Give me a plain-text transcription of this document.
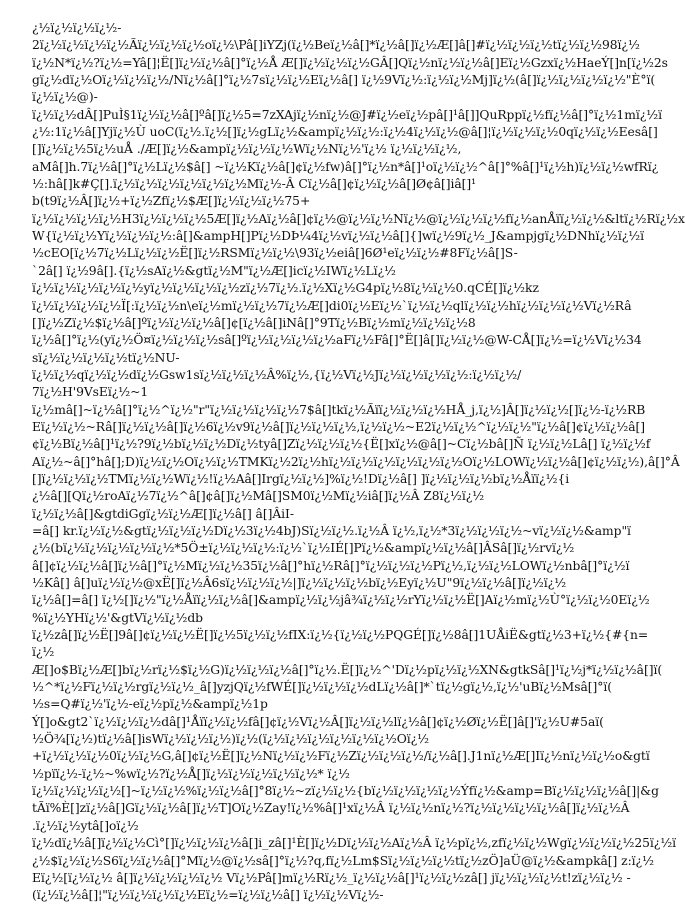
¿½ï¿½ï¿½ï¿½-
2ï¿½ï¿½ï¿½ï¿½Ãï¿½ï¿½ï¿½oï¿½\Pâ[]iYZj(ï¿½Beï¿½â[]*ï¿½â[]ï¿½Æ[]â[]#ï¿½ï¿½ï¿½tï¿½ï¿½98ï¿½
ï¿½N*ï¿½?ï¿½=Yâ[]¦Ë[]ï¿½ï¿½â[]°ï¿½Å Æ[]ï¿½ï¿½ï¿½GÂ[]Qï¿½nï¿½ï¿½â[]Eï¿½Gzxï¿½HaeÝ[]n[ï¿½2s
gï¿½dï¿½Oï¿½ï¿½ï¿½/Nï¿½â[]°ï¿½7sï¿½ï¿½Eï¿½â[] ï¿½9Vï¿½:ï¿½ï¿½Mj]ï¿½(â[]ï¿½ï¿½ï¿½ï¿½"È°ï(
ï¿½ï¿½@)-
ï¿½ï¿½dÂ[]PuÌ§1ï¿½ï¿½â[]ºâ[]ï¿½5=7zXAjï¿½nï¿½@J#ï¿½eï¿½pâ[]¹â[]]QuRppï¿½fï¿½â[]°ï¿½1mï¿½ï
¿½:1ï¿½â[]Yjï¿½Ù uoC(ï¿½.ï¿½[]ï¿½gLï¿½&ampï¿½ï¿½:ï¿½4ï¿½ï¿½@â[]¦ï¿½ï¿½ï¿½0qï¿½ï¿½Eesâ[]
[]ï¿½ï¿½5ï¿½uÅ ./Æ[]ï¿½&ampï¿½ï¿½ï¿½Wï¿½Nï¿½'ï¿½ ï¿½ï¿½ï¿½,
aMâ[]h.7ï¿½â[]°ï¿½Lï¿½$â[] ~ï¿½Kï¿½â[]¢ï¿½fw)â[]°ï¿½n*â[]¹oï¿½ï¿½^â[]°%â[]¹ï¿½h)ï¿½ï¿½wfRï¿
½:hâ[]k#Ç[].ï¿½ï¿½ï¿½ï¿½ï¿½ï¿½Mï¿½-Â Cï¿½â[]¢ï¿½ï¿½â[]Ø¢â[]iâ[]¹
b(t9ï¿½Â[]ï¿½+ï¿½Zfï¿½$Æ[]ï¿½ï¿½ï¿½75+
ï¿½ï¿½ï¿½ï¿½H3ï¿½ï¿½ï¿½5Æ[]ï¿½Aï¿½â[]¢ï¿½@ï¿½ï¿½Nï¿½@ï¿½ï¿½ï¿½fï¿½anÅïï¿½ï¿½&ltï¿½Rï¿½x
W{ï¿½ï¿½Yï¿½ï¿½ï¿½:â[]&ampH[]Pï¿½DÞ¼4ï¿½vï¿½ï¿½â[]{]wï¿½9ï¿½_J&ampjgï¿½DNhï¿½ï¿½ï
½cEO[ï¿½7ï¿½Lï¿½ï¿½Ë[]ï¿½RSMï¿½ï¿½\93ï¿½eiâ[]6Ø¹eï¿½ï¿½#8Fï¿½â[]S-
`2â[] ï¿½9â[].{ï¿½sAï¿½&gtï¿½M"ï¿½Æ[]icï¿½IWï¿½Lï¿½
ï¿½ï¿½ï¿½ï¿½ï¿½yï¿½ï¿½ï¿½ï¿½zï¿½7ï¿½.ï¿½Xï¿½G4pï¿½8ï¿½ï¿½0.qCÉ[]ï¿½kz
ï¿½ï¿½ï¿½ï¿½Ï[:ï¿½ï¿½n\eï¿½mï¿½ï¿½7ï¿½Æ[]di0ï¿½Eï¿½`ï¿½ï¿½qlï¿½ï¿½hï¿½ï¿½ï¿½Vï¿½Râ
[]ï¿½Zï¿½$ï¿½â[]ºï¿½ï¿½ï¿½â[]¢[ï¿½â[]iNâ[]°9Tï¿½Bï¿½mï¿½ï¿½ï¿½8
ï¿½â[]°ï¿½(yï¿½Ö¤ï¿½ï¿½ï¿½sâ[]ºï¿½ï¿½ï¿½ï¿½aFï¿½Fâ[]°Ë[]â[]ï¿½ï¿½@W-CÅ[]ï¿½=ï¿½Vï¿½34
sï¿½ï¿½ï¿½ï¿½tï¿½NU-
ï¿½ï¿½qï¿½ï¿½dï¿½Gsw1sï¿½ï¿½ï¿½Â%ï¿½,{ï¿½Vï¿½Jï¿½ï¿½ï¿½ï¿½:ï¿½ï¿½/
7ï¿½H'9VsEï¿½~1
ï¿½mâ[]~ï¿½â[]°ï¿½^ï¿½"r"ï¿½ï¿½ï¿½ï¿½7$â[]tkï¿½Ãïï¿½ï¿½ï¿½HÅ_j,ï¿½]Â[]ï¿½ï¿½[]ï¿½-ï¿½RB
Eï¿½ï¿½~Râ[]ï¿½ï¿½â[]ï¿½6ï¿½v9ï¿½â[]ï¿½ï¿½ï¿½,ï¿½ï¿½~E2ï¿½ï¿½^ï¿½ï¿½"ï¿½â[]¢ï¿½ï¿½â[]
¢ï¿½Bï¿½â[]¹ï¿½?9ï¿½bï¿½ï¿½Dï¿½tyâ[]Zï¿½ï¿½ï¿½{Ë[]xï¿½@â[]~Cï¿½bâ[]Ñ ï¿½ï¿½Lâ[] ï¿½ï¿½f
Aï¿½~â[]°hâ[];D)ï¿½ï¿½Oï¿½ï¿½TMKï¿½2ï¿½hï¿½ï¿½ï¿½ï¿½ï¿½ï¿½Oï¿½LOWï¿½ï¿½â[]¢ï¿½ï¿½),â[]°Â
[]ï¿½ï¿½ï¿½TMï¿½ï¿½Wï¿½!ï¿½Aâ[]Irgï¿½ï¿½]%ï¿½!Dï¿½â[] ]ï¿½ï¿½ï¿½bï¿½Åïï¿½{i
¿½â[][Qï¿½roAï¿½7ï¿½^â[]¢â[]ï¿½Mâ[]SM0ï¿½Mï¿½iâ[]ï¿½Â Z8ï¿½ï¿½
ï¿½ï¿½â[]&gtdiGgï¿½ï¿½Æ[]ï¿½â[] â[]ÂiI-
=â[] kr.ï¿½ï¿½&gtï¿½ï¿½ï¿½Dï¿½3ï¿½4bJ)Sï¿½ï¿½.ï¿½Â ï¿½,ï¿½*3ï¿½ï¿½ï¿½~vï¿½ï¿½&amp"ï
¿½(bï¿½ï¿½ï¿½ï¿½ï¿½*5Ö±ï¿½ï¿½ï¿½:ï¿½`ï¿½IÉ[]Pï¿½&ampï¿½ï¿½â[]ÂSâ[]ï¿½rvï¿½
â[]¢ï¿½ï¿½â[]ï¿½â[]°ï¿½Mï¿½ï¿½35ï¿½â[]°hï¿½Râ[]°ï¿½ï¿½ï¿½Pï¿½,ï¿½ï¿½LOWï¿½nbâ[]°ï¿½ï
½Kâ[] â[]uï¿½ï¿½@xË[]ï¿½Â6sï¿½ï¿½ï¿½|]ï¿½ï¿½ï¿½bï¿½Eyï¿½U"9ï¿½ï¿½â[]ï¿½ï¿½
ï¿½â[]=â[] ï¿½[]ï¿½"ï¿½Åïï¿½ï¿½â[]&ampï¿½ï¿½jâ¾ï¿½ï¿½rYï¿½ï¿½Ë[]Aï¿½mï¿½Ù°ï¿½ï¿½0Eï¿½
%ï¿½YHï¿½'&gtVï¿½ï¿½db
ï¿½zâ[]ï¿½Ë[]9â[]¢ï¿½ï¿½Ë[]ï¿½5ï¿½ï¿½fIX:ï¿½{ï¿½ï¿½PQGÉ[]ï¿½8â[]1UÅiË&gtï¿½3+ï¿½{#{n=
ï¿½
Æ[]o$Bï¿½Æ[]bï¿½rï¿½$ï¿½G)ï¿½ï¿½ï¿½â[]°ï¿½.Ë[]ï¿½^'Dï¿½pï¿½ï¿½XN&gtkSâ[]¹ï¿½j*ï¿½ï¿½â[]ï(
½^*ï¿½Fï¿½ï¿½rgï¿½ï¿½_â[]yzjQï¿½fWÉ[]ï¿½ï¿½ï¿½dLï¿½â[]*`tï¿½gï¿½,ï¿½'uBï¿½Msâ[]°ï(
½s=Q#ï¿½'ï¿½-eï¿½pï¿½&ampï¿½1p
Ý[]o&gt2`ï¿½ï¿½ï¿½dâ[]¹Åïï¿½ï¿½fâ[]¢ï¿½Vï¿½Â[]ï¿½ï¿½lï¿½â[]¢ï¿½Øï¿½Ë[]â[]'ï¿½U#5aï(
½Ö¾[ï¿½)tï¿½â[]isWï¿½ï¿½ï¿½)ï¿½(ï¿½ï¿½ï¿½ï¿½ï¿½ï¿½Oï¿½
+ï¿½ï¿½ï¿½0ï¿½ï¿½G,â[]¢ï¿½Ë[]ï¿½Nï¿½ï¿½Fï¿½Zï¿½ï¿½ï¿½/ï¿½â[].J1nï¿½Æ[]Iï¿½nï¿½ï¿½o&gtï
½pïï¿½-ï¿½~%wï¿½?ï¿½Å[]ï¿½ï¿½ï¿½ï¿½ï¿½* ï¿½
ï¿½ï¿½ï¿½ï¿½[]~ï¿½ï¿½%ï¿½ï¿½â[]°8ï¿½~zï¿½ï¿½{bï¿½ï¿½ï¿½ï¿½Ýfï¿½&amp=Bï¿½ï¿½ï¿½â[]|&g
tÃï%È[]zï¿½â[]Gï¿½ï¿½â[]ï¿½T]Oï¿½Zay!ï¿½%â[]¹xï¿½Â ï¿½ï¿½nï¿½?ï¿½ï¿½ï¿½ï¿½â[]ï¿½ï¿½Â
.ï¿½ï¿½ytâ[]oï¿½
ï¿½dï¿½â[]ï¿½ï¿½Cì°[]ï¿½ï¿½ï¿½â[]i_zâ[]¹È[]ï¿½Dï¿½ï¿½Aï¿½Â ï¿½pï¿½,zfï¿½ï¿½Wgï¿½ï¿½ï¿½25ï¿½ï
¿½$ï¿½ï¿½S6ï¿½ï¿½â[]°Mï¿½@ï¿½sâ[]°ï¿½?q,fï¿½Lm$Sï¿½ï¿½ï¿½tï¿½zÖ]aÜ@ï¿½&ampkâ[] z:ï¿½
Eï¿½[ï¿½ï¿½ â[]ï¿½ï¿½ï¿½ï¿½ Vï¿½Pâ[]mï¿½Rï¿½_ï¿½ï¿½â[]¹ï¿½ï¿½zâ[] jï¿½ï¿½ï¿½t!zï¿½ï¿½ -
(ï¿½ï¿½â[]¦"ï¿½ï¿½ï¿½ï¿½Eï¿½=ï¿½ï¿½â[] ï¿½ï¿½Vï¿½-
